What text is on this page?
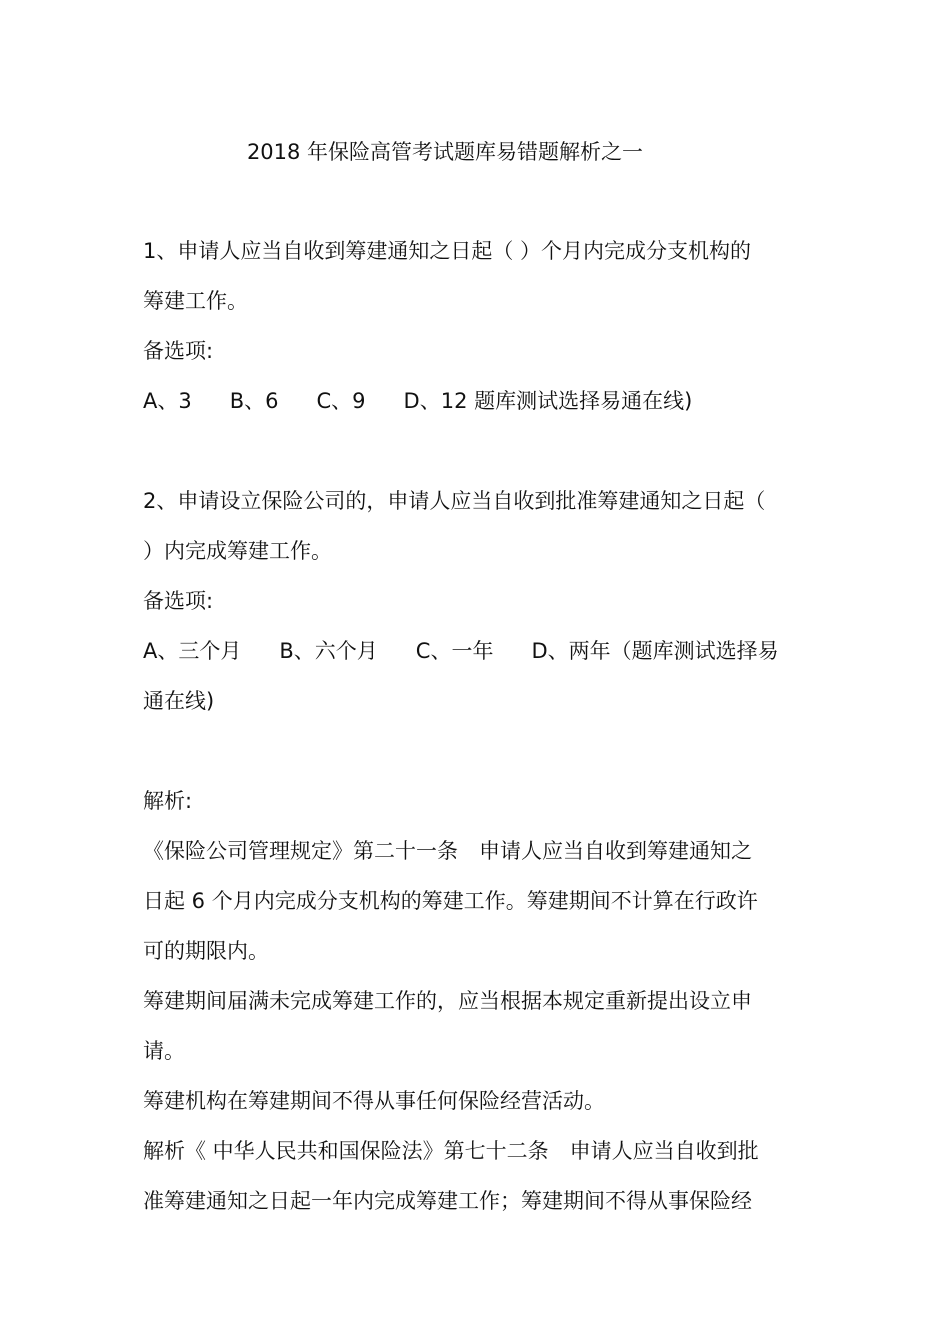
2018 年保险高管考试题库易错题解析之一
1、申请人应当自收到筹建通知之日起（ ）个月内完成分支机构的
筹建工作。
备选项:
A、3 B、6 C、9 D、12 题库测试选择易通在线)
2、申请设立保险公司的，申请人应当自收到批准筹建通知之日起（
）内完成筹建工作。
备选项:
A、三个月 B、六个月 C、一年 D、两年（题库测试选择易
通在线)
解析:
《保险公司管理规定》第二十一条　申请人应当自收到筹建通知之
日起 6 个月内完成分支机构的筹建工作。筹建期间不计算在行政许
可的期限内。
筹建期间届满未完成筹建工作的，应当根据本规定重新提出设立申
请。
筹建机构在筹建期间不得从事任何保险经营活动。
解析《 中华人民共和国保险法》第七十二条　申请人应当自收到批
准筹建通知之日起一年内完成筹建工作；筹建期间不得从事保险经
